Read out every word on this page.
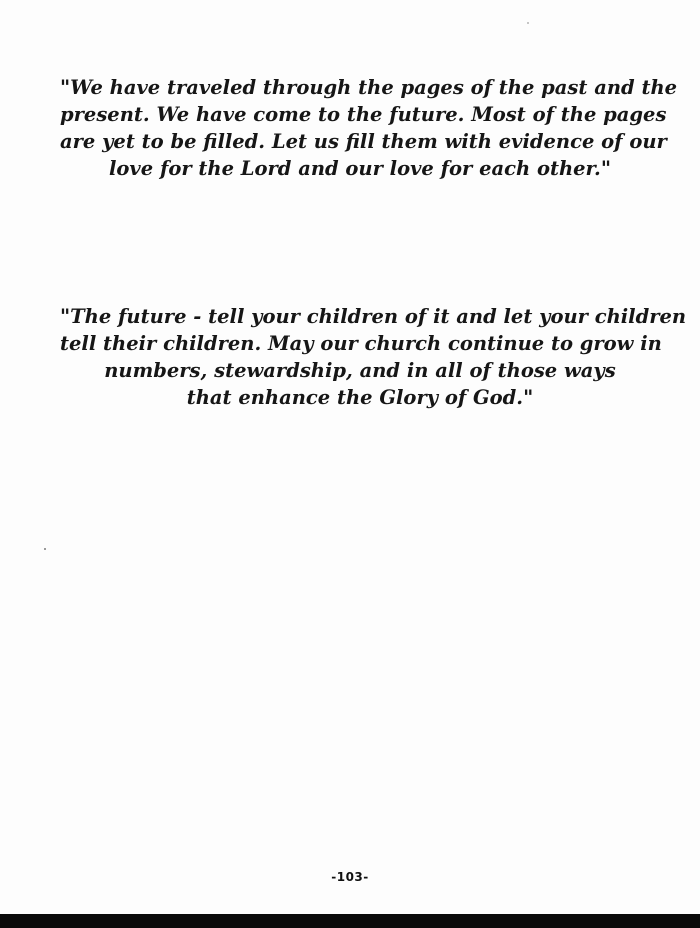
"We have traveled through the pages of the past and the
present. We have come to the future. Most of the pages
are yet to be filled. Let us fill them with evidence of our
love for the Lord and our love for each other."
"The future - tell your children of it and let your children
tell their children. May our church continue to grow in
numbers, stewardship, and in all of those ways
that enhance the Glory of God."
-103-
